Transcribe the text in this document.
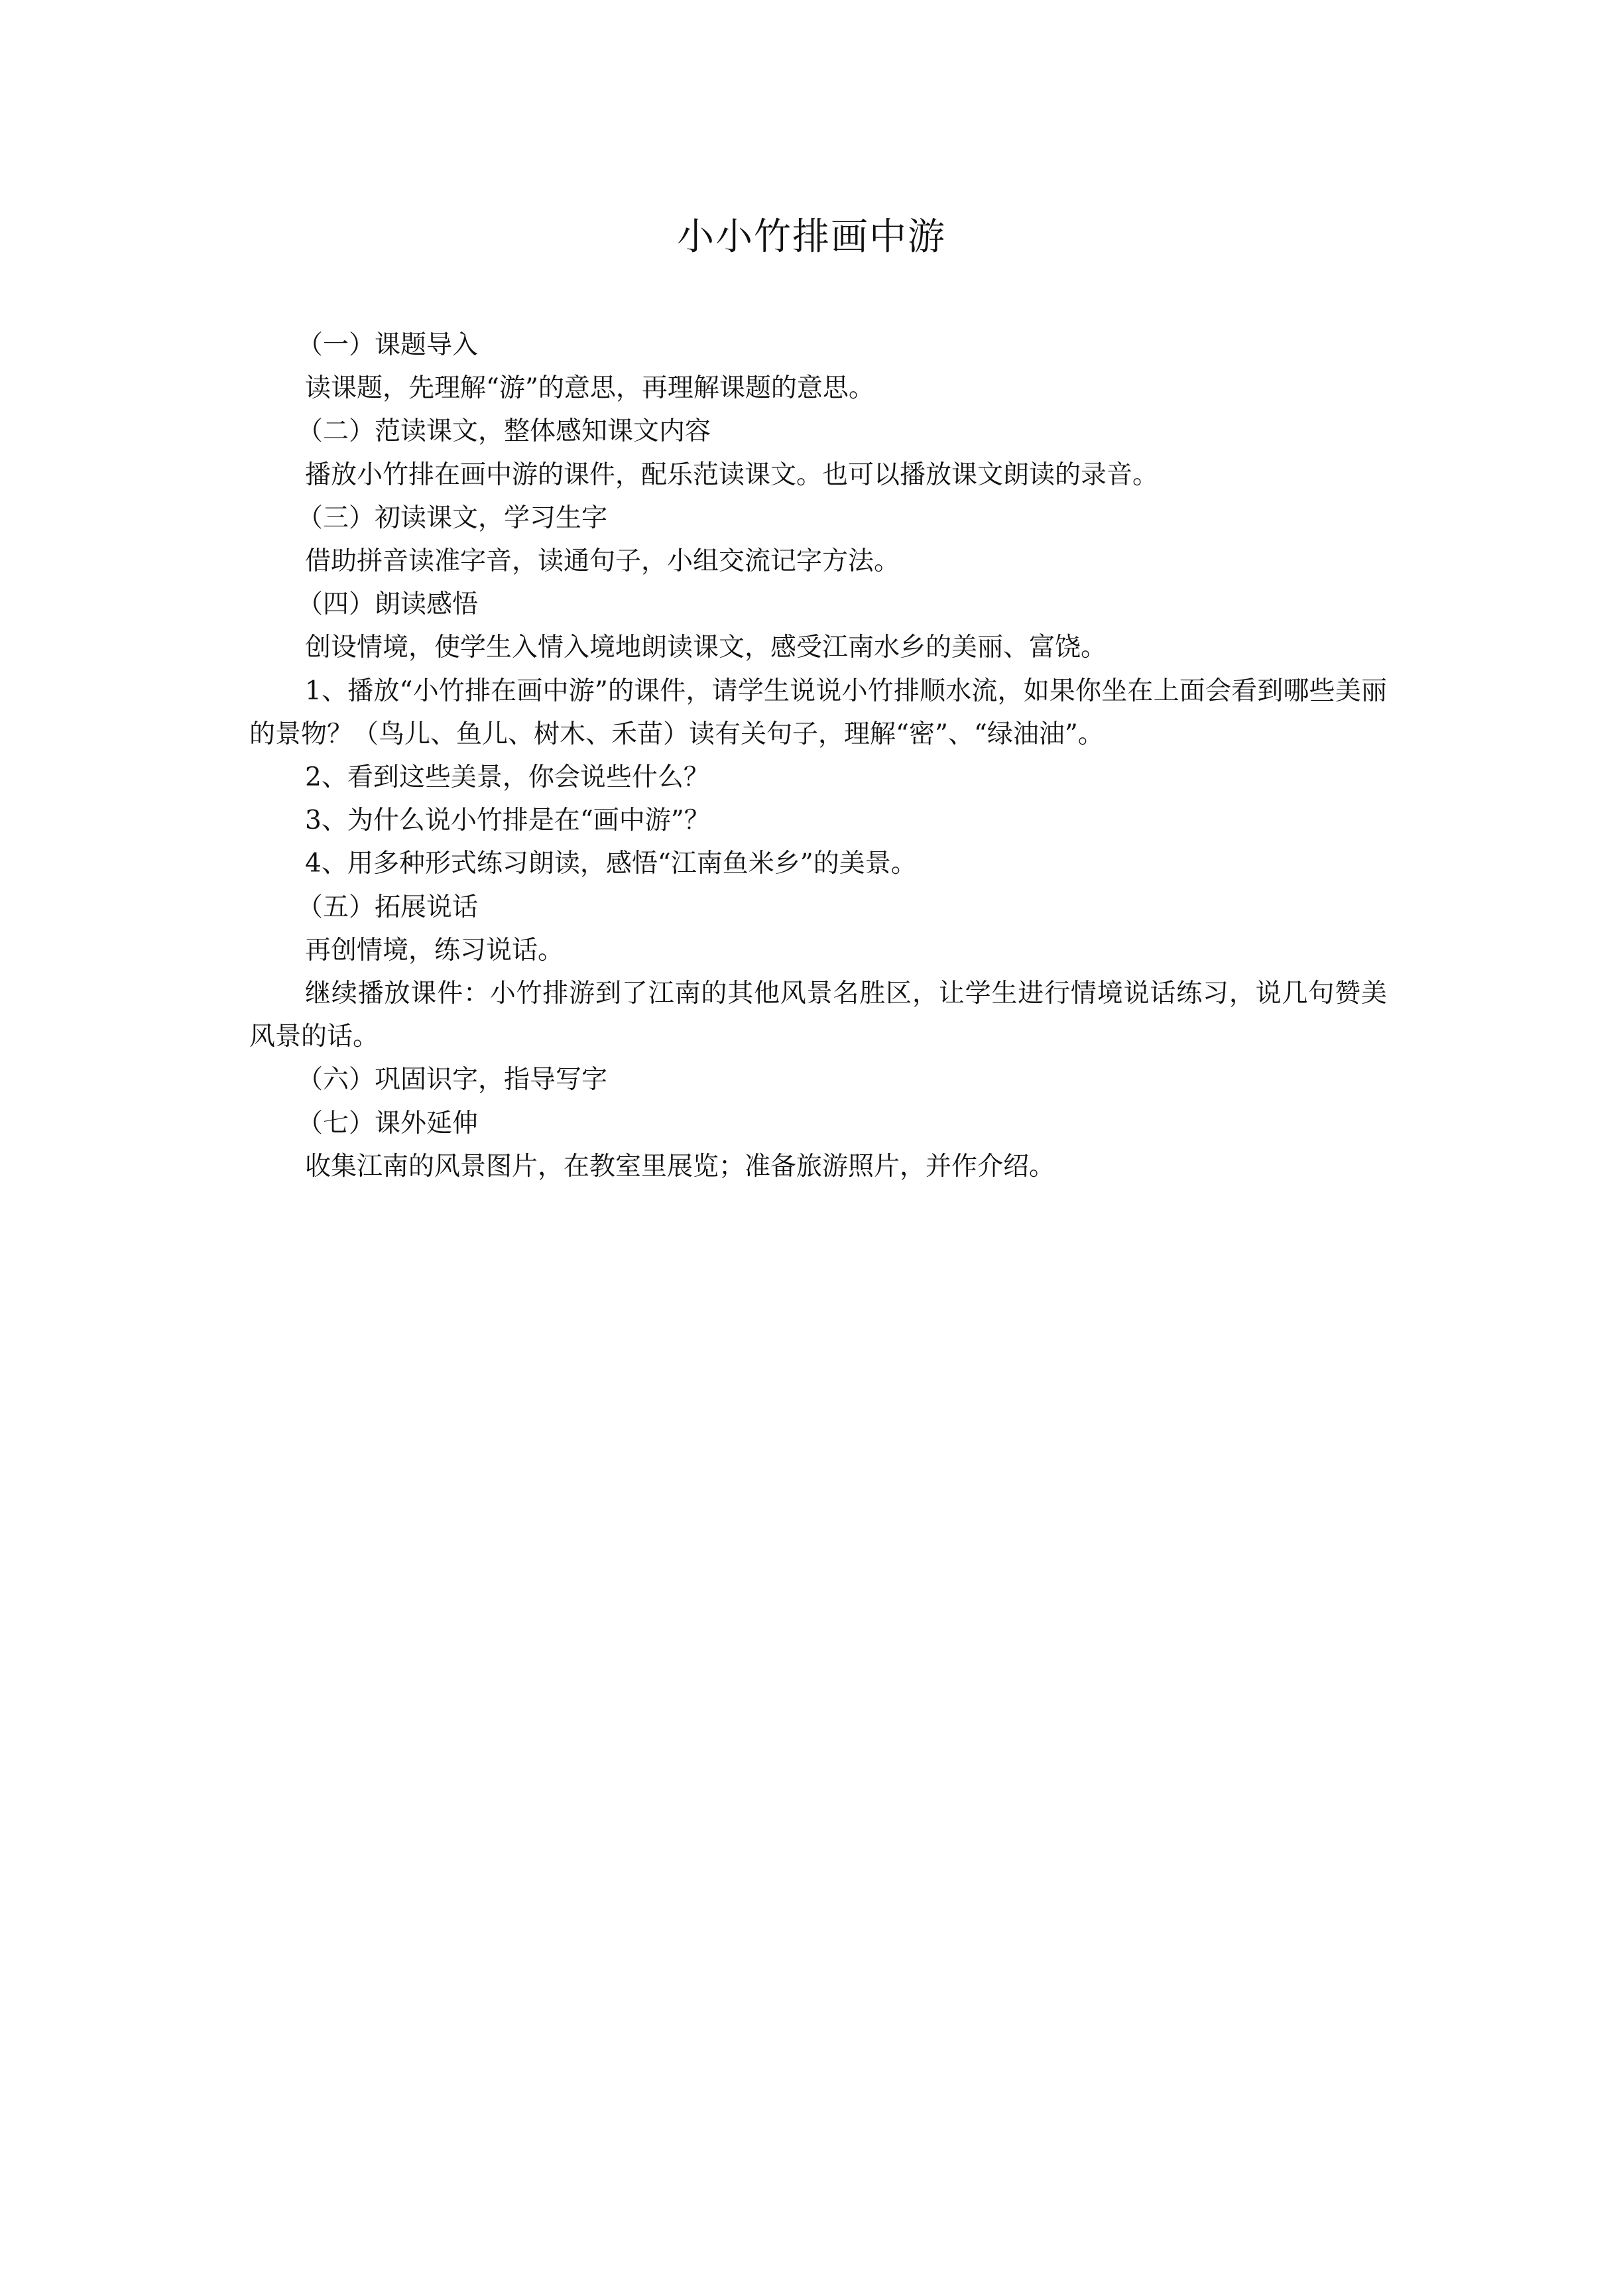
小小竹排画中游

（一）课题导入

读课题，先理解“游”的意思，再理解课题的意思。

（二）范读课文，整体感知课文内容

播放小竹排在画中游的课件，配乐范读课文。也可以播放课文朗读的录音。

（三）初读课文，学习生字

借助拼音读准字音，读通句子，小组交流记字方法。

（四）朗读感悟

创设情境，使学生入情入境地朗读课文，感受江南水乡的美丽、富饶。

1、播放“小竹排在画中游”的课件，请学生说说小竹排顺水流，如果你坐在上面会看到哪些美丽的景物？（鸟儿、鱼儿、树木、禾苗）读有关句子，理解“密”、“绿油油”。

2、看到这些美景，你会说些什么？

3、为什么说小竹排是在“画中游”？

4、用多种形式练习朗读，感悟“江南鱼米乡”的美景。

（五）拓展说话

再创情境，练习说话。

继续播放课件：小竹排游到了江南的其他风景名胜区，让学生进行情境说话练习，说几句赞美风景的话。

（六）巩固识字，指导写字

（七）课外延伸

收集江南的风景图片，在教室里展览；准备旅游照片，并作介绍。
